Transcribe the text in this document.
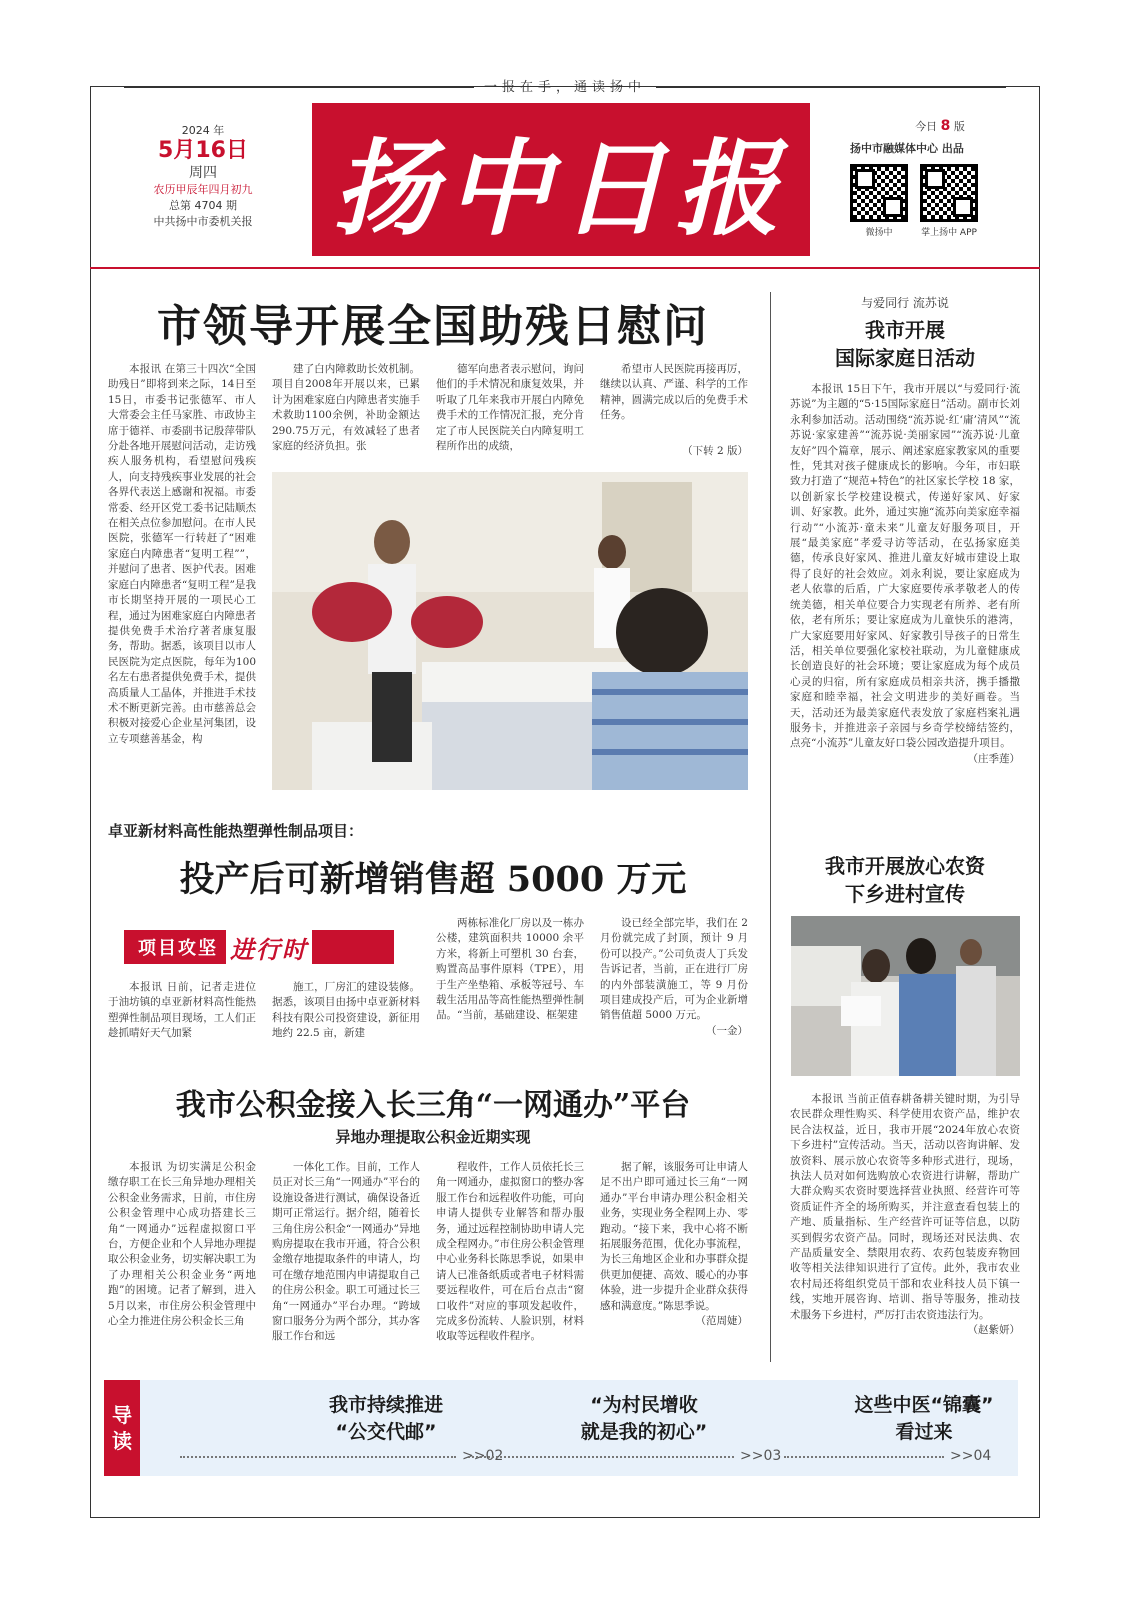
一报在手，通读扬中
2024 年
5月16日
周四
农历甲辰年四月初九
总第 4704 期
中共扬中市委机关报 扬中日报	今日 8 版
扬中市融媒体中心 出品
微扬中	掌上扬中 APP
市领导开展全国助残日慰问

本报讯 在第三十四次“全国助残日”即将到来之际，14日至15日，市委书记张德军、市人大常委会主任马家胜、市政协主席于德祥、市委副书记殷萍带队分赴各地开展慰问活动，走访残疾人服务机构，看望慰问残疾人，向支持残疾事业发展的社会各界代表送上感谢和祝福。市委常委、经开区党工委书记陆顺杰在相关点位参加慰问。在市人民医院，张德军一行转赶了“困难家庭白内障患者“复明工程””，并慰问了患者、医护代表。困难家庭白内障患者“复明工程”是我市长期坚持开展的一项民心工程，通过为困难家庭白内障患者提供免费手术治疗著者康复服务，帮助。据悉，该项目以市人民医院为定点医院，每年为100名左右患者提供免费手术，提供高质量人工晶体，并推进手术技术不断更新完善。由市慈善总会积极对接爱心企业星河集团，设立专项慈善基金，构

建了白内障救助长效机制。项目自2008年开展以来，已累计为困难家庭白内障患者实施手术救助1100余例，补助金额达290.75万元，有效减轻了患者家庭的经济负担。张

德军向患者表示慰问，询问他们的手术情况和康复效果，并听取了几年来我市开展白内障免费手术的工作情况汇报，充分肯定了市人民医院关白内障复明工程所作出的成绩，

希望市人民医院再接再厉，继续以认真、严谨、科学的工作精神，圆满完成以后的免费手术任务。

（下转 2 版）
卓亚新材料高性能热塑弹性制品项目：
投产后可新增销售超 5000 万元
项目攻坚 进行时

本报讯 日前，记者走进位于油坊镇的卓亚新材料高性能热塑弹性制品项目现场，工人们正趁抓晴好天气加紧

施工，厂房汇的建设装修。据悉，该项目由扬中卓亚新材料科技有限公司投资建设，新征用地约 22.5 亩，新建

两栋标准化厂房以及一栋办公楼，建筑面积共 10000 余平方米，将新上可塑机 30 台套，购置高品事件原料（TPE），用于生产坐垫箱、承板等冠号、车载生活用品等高性能热塑弹性制品。“当前，基础建设、框架建

设已经全部完毕，我们在 2 月份就完成了封顶，预计 9 月份可以投产。”公司负责人丁兵发告诉记者，当前，正在进行厂房的内外部装潢施工，等 9 月份项目建成投产后，可为企业新增销售值超 5000 万元。

（一金）
我市公积金接入长三角“一网通办”平台
异地办理提取公积金近期实现

本报讯 为切实满足公积金缴存职工在长三角异地办理相关公积金业务需求，日前，市住房公积金管理中心成功搭建长三角“一网通办”远程虚拟窗口平台，方便企业和个人异地办理提取公积金业务，切实解决职工为了办理相关公积金业务“两地跑”的困境。记者了解到，进入5月以来，市住房公积金管理中心全力推进住房公积金长三角

一体化工作。目前，工作人员正对长三角“一网通办”平台的设施设备进行测试，确保设备近期可正常运行。据介绍，随着长三角住房公积金“一网通办”异地购房提取在我市开通，符合公积金缴存地提取条件的申请人，均可在缴存地范围内申请提取自己的住房公积金。职工可通过长三角“一网通办”平台办理。“跨域窗口服务分为两个部分，其办客服工作台和远

程收件，工作人员依托长三角一网通办，虚拟窗口的整办客服工作台和远程收件功能，可向申请人提供专业解答和帮办服务，通过远程控制协助申请人完成全程网办。”市住房公积金管理中心业务科长陈思季说，如果申请人已准备纸质或者电子材料需要远程收件，可在后台点击“窗口收件”对应的事项发起收件，完成多份流转、人脸识别，材料收取等远程收件程序。

据了解，该服务可让申请人足不出户即可通过长三角“一网通办”平台申请办理公积金相关业务，实现业务全程网上办、零跑动。“接下来，我中心将不断拓展服务范围，优化办事流程，为长三角地区企业和办事群众提供更加便捷、高效、暖心的办事体验，进一步提升企业群众获得感和满意度。”陈思季说。

（范周婕）
与爱同行 流苏说
我市开展
国际家庭日活动

本报讯 15日下午，我市开展以“与爱同行·流苏说”为主题的“5·15国际家庭日”活动。副市长刘永利参加活动。活动围绕“流苏说·红‘庸’清风”“流苏说·家家建善”“流苏说·美丽家园”“流苏说·儿童友好”四个篇章，展示、阐述家庭家教家风的重要性，凭其对孩子健康成长的影响。今年，市妇联致力打造了“规范+特色”的社区家长学校 18 家，以创新家长学校建设模式，传递好家风、好家训、好家教。此外，通过实施“流苏向美家庭幸福行动”“小流苏·童未来”儿童友好服务项目，开展“最美家庭”孝爱寻访等活动，在弘扬家庭美德，传承良好家风、推进儿童友好城市建设上取得了良好的社会效应。刘永利说，要让家庭成为老人依靠的后盾，广大家庭要传承孝敬老人的传统美德，相关单位要合力实现老有所养、老有所依，老有所乐；要让家庭成为儿童快乐的港湾，广大家庭要用好家风、好家教引导孩子的日常生活，相关单位要强化家校社联动，为儿童健康成长创造良好的社会环境；要让家庭成为每个成员心灵的归宿，所有家庭成员相亲共济，携手播撒家庭和睦幸福，社会文明进步的美好画卷。当天，活动还为最美家庭代表发放了家庭档案礼遇服务卡，并推进亲子亲园与乡奇学校缔结签约，点亮“小流苏”儿童友好口袋公园改造提升项目。

（庄季莲）
我市开展放心农资
下乡进村宣传

本报讯 当前正值春耕备耕关键时期，为引导农民群众理性购买、科学使用农资产品，维护农民合法权益，近日，我市开展“2024年放心农资下乡进村”宣传活动。当天，活动以咨询讲解、发放资料、展示放心农资等多种形式进行，现场，执法人员对如何选购放心农资进行讲解，帮助广大群众购买农资时要选择营业执照、经营许可等资质证件齐全的场所购买，并注意查看包装上的产地、质量指标、生产经营许可证等信息，以防买到假劣农资产品。同时，现场还对民法典、农产品质量安全、禁限用农药、农药包装废弃物回收等相关法律知识进行了宣传。此外，我市农业农村局还将组织党员干部和农业科技人员下镇一线，实地开展咨询、培训、指导等服务，推动技术服务下乡进村，严厉打击农资违法行为。

（赵紫妍）
导
读
我市持续推进
“公交代邮”
>>02
“为村民增收
就是我的初心”
>>03
这些中医“锦囊”
看过来
>>04
